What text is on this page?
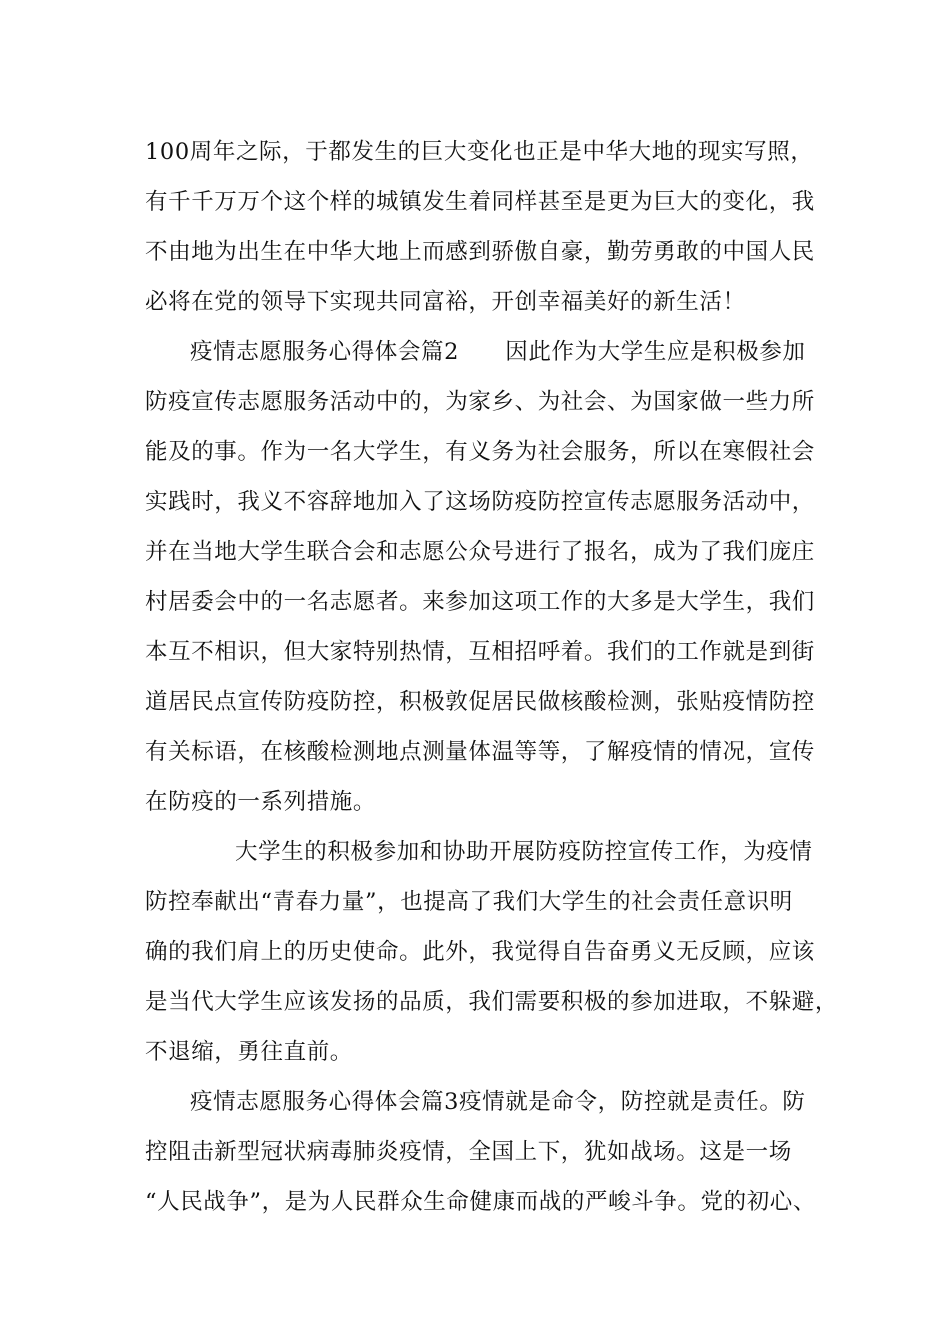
100周年之际，于都发生的巨大变化也正是中华大地的现实写照，
有千千万万个这个样的城镇发生着同样甚至是更为巨大的变化，我
不由地为出生在中华大地上而感到骄傲自豪，勤劳勇敢的中国人民
必将在党的领导下实现共同富裕，开创幸福美好的新生活！
疫情志愿服务心得体会篇2　　因此作为大学生应是积极参加
防疫宣传志愿服务活动中的，为家乡、为社会、为国家做一些力所
能及的事。作为一名大学生，有义务为社会服务，所以在寒假社会
实践时，我义不容辞地加入了这场防疫防控宣传志愿服务活动中，
并在当地大学生联合会和志愿公众号进行了报名，成为了我们庞庄
村居委会中的一名志愿者。来参加这项工作的大多是大学生，我们
本互不相识，但大家特别热情，互相招呼着。我们的工作就是到街
道居民点宣传防疫防控，积极敦促居民做核酸检测，张贴疫情防控
有关标语，在核酸检测地点测量体温等等，了解疫情的情况，宣传
在防疫的一系列措施。
大学生的积极参加和协助开展防疫防控宣传工作，为疫情
防控奉献出“青春力量”，也提高了我们大学生的社会责任意识明
确的我们肩上的历史使命。此外，我觉得自告奋勇义无反顾，应该
是当代大学生应该发扬的品质，我们需要积极的参加进取，不躲避，
不退缩，勇往直前。
疫情志愿服务心得体会篇3疫情就是命令，防控就是责任。防
控阻击新型冠状病毒肺炎疫情，全国上下，犹如战场。这是一场
“人民战争”，是为人民群众生命健康而战的严峻斗争。党的初心、
